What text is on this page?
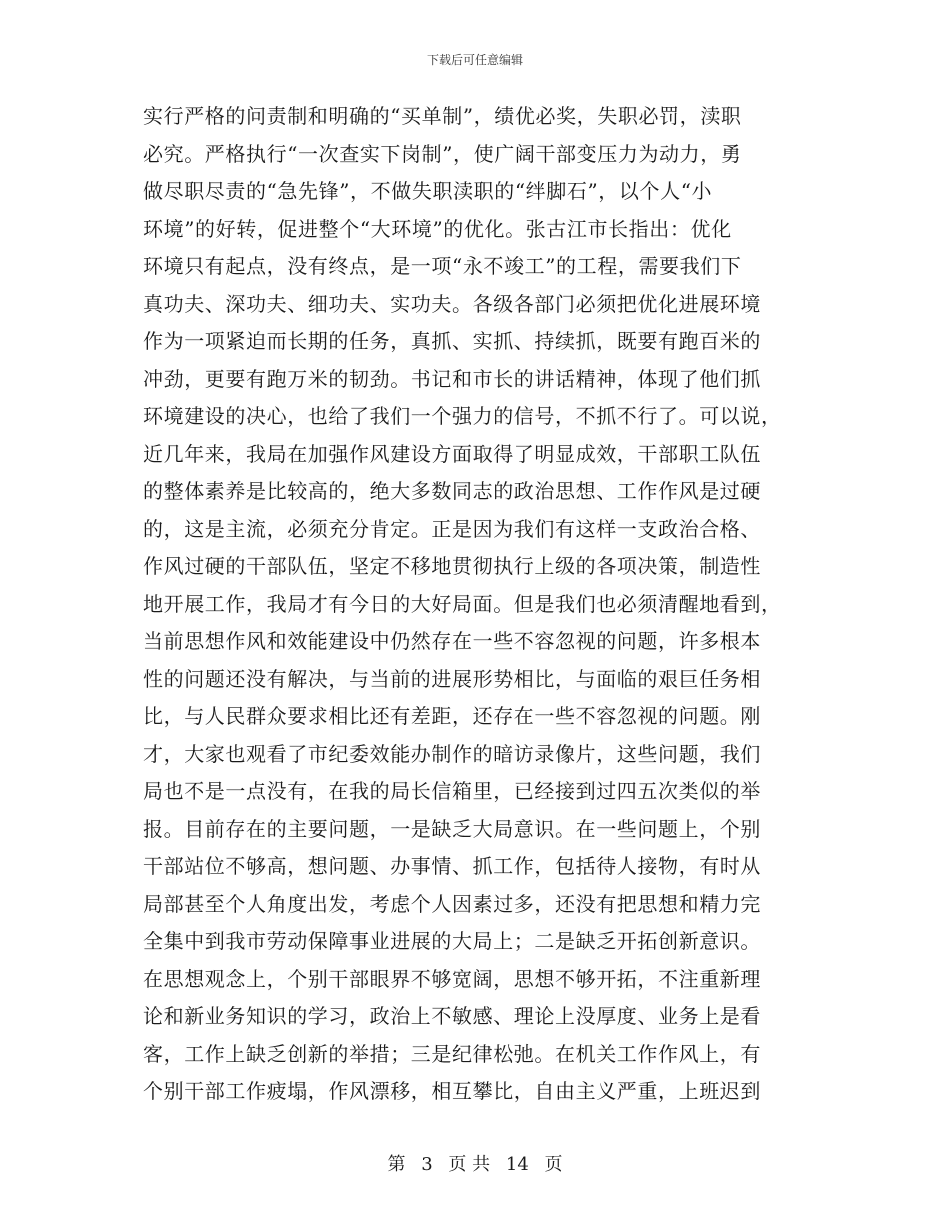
下载后可任意编辑
实行严格的问责制和明确的“买单制”，绩优必奖，失职必罚，渎职
必究。严格执行“一次查实下岗制”，使广阔干部变压力为动力，勇
做尽职尽责的“急先锋”，不做失职渎职的“绊脚石”，以个人“小
环境”的好转，促进整个“大环境”的优化。张古江市长指出：优化
环境只有起点，没有终点，是一项“永不竣工”的工程，需要我们下
真功夫、深功夫、细功夫、实功夫。各级各部门必须把优化进展环境
作为一项紧迫而长期的任务，真抓、实抓、持续抓，既要有跑百米的
冲劲，更要有跑万米的韧劲。书记和市长的讲话精神，体现了他们抓
环境建设的决心，也给了我们一个强力的信号，不抓不行了。可以说，
近几年来，我局在加强作风建设方面取得了明显成效，干部职工队伍
的整体素养是比较高的，绝大多数同志的政治思想、工作作风是过硬
的，这是主流，必须充分肯定。正是因为我们有这样一支政治合格、
作风过硬的干部队伍，坚定不移地贯彻执行上级的各项决策，制造性
地开展工作，我局才有今日的大好局面。但是我们也必须清醒地看到，
当前思想作风和效能建设中仍然存在一些不容忽视的问题，许多根本
性的问题还没有解决，与当前的进展形势相比，与面临的艰巨任务相
比，与人民群众要求相比还有差距，还存在一些不容忽视的问题。刚
才，大家也观看了市纪委效能办制作的暗访录像片，这些问题，我们
局也不是一点没有，在我的局长信箱里，已经接到过四五次类似的举
报。目前存在的主要问题，一是缺乏大局意识。在一些问题上，个别
干部站位不够高，想问题、办事情、抓工作，包括待人接物，有时从
局部甚至个人角度出发，考虑个人因素过多，还没有把思想和精力完
全集中到我市劳动保障事业进展的大局上；二是缺乏开拓创新意识。
在思想观念上，个别干部眼界不够宽阔，思想不够开拓，不注重新理
论和新业务知识的学习，政治上不敏感、理论上没厚度、业务上是看
客，工作上缺乏创新的举措；三是纪律松弛。在机关工作作风上，有
个别干部工作疲塌，作风漂移，相互攀比，自由主义严重，上班迟到
第 3 页 共 14 页
